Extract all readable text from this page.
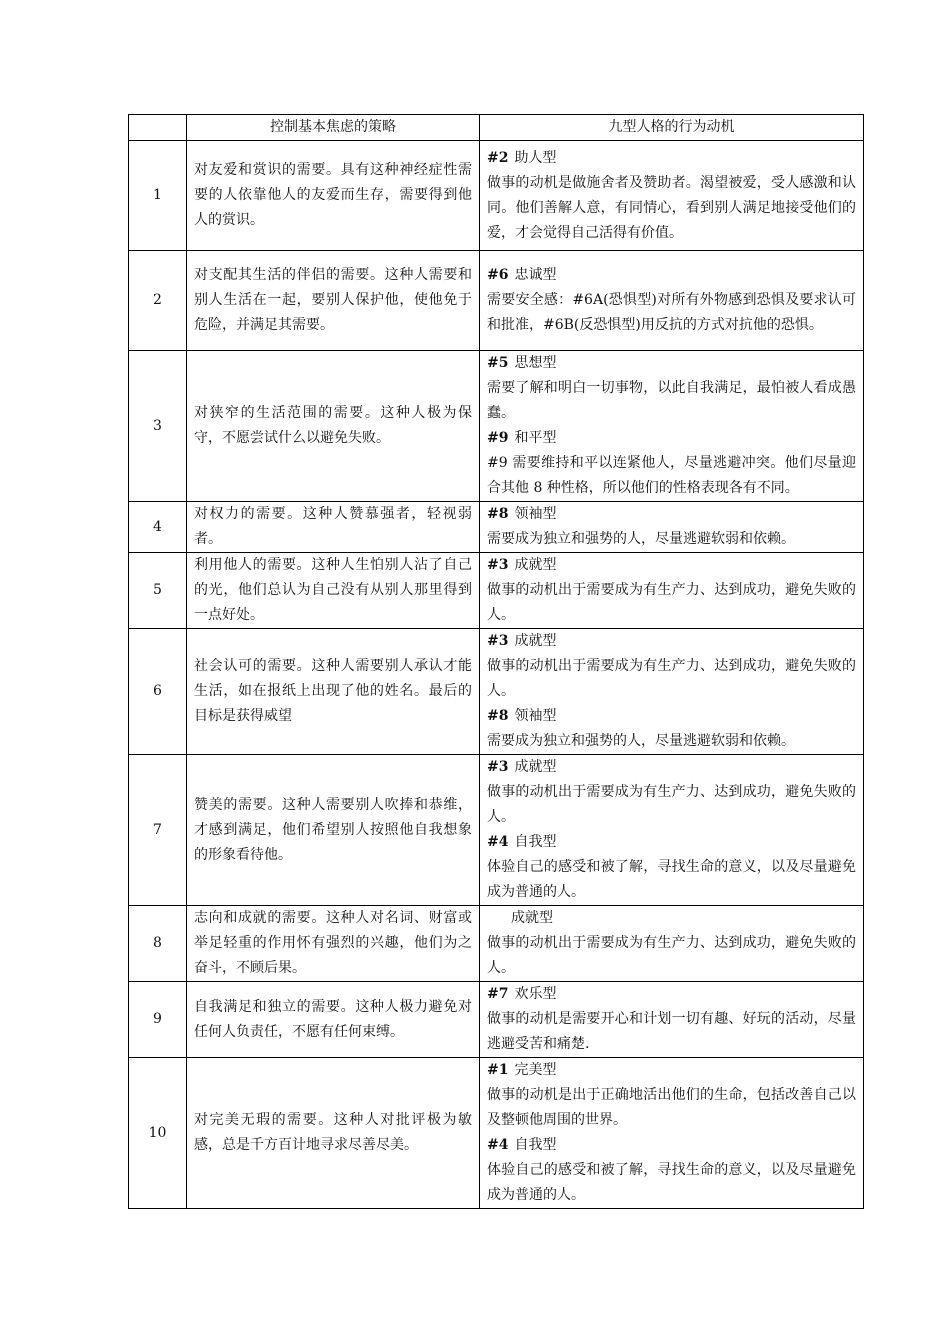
	控制基本焦虑的策略	九型人格的行为动机
1	对友爱和赏识的需要。具有这种神经症性需要的人依靠他人的友爱而生存，需要得到他人的赏识。	#2 助人型
做事的动机是做施舍者及赞助者。渴望被爱，受人感激和认同。他们善解人意，有同情心，看到别人满足地接受他们的爱，才会觉得自己活得有价值。

2	对支配其生活的伴侣的需要。这种人需要和别人生活在一起，要别人保护他，使他免于危险，并满足其需要。	#6 忠诚型
需要安全感：#6A(恐惧型)对所有外物感到恐惧及要求认可和批准，#6B(反恐惧型)用反抗的方式对抗他的恐惧。

3	对狭窄的生活范围的需要。这种人极为保守，不愿尝试什么以避免失败。	#5 思想型
需要了解和明白一切事物，以此自我满足，最怕被人看成愚蠢。
#9 和平型
#9 需要维持和平以连紧他人，尽量逃避冲突。他们尽量迎合其他 8 种性格，所以他们的性格表现各有不同。

4	对权力的需要。这种人赞慕强者，轻视弱者。	#8 领袖型
需要成为独立和强势的人，尽量逃避软弱和依赖。

5	利用他人的需要。这种人生怕别人沾了自己的光，他们总认为自己没有从别人那里得到一点好处。	#3 成就型
做事的动机出于需要成为有生产力、达到成功，避免失败的人。

6	社会认可的需要。这种人需要别人承认才能生活，如在报纸上出现了他的姓名。最后的目标是获得威望	#3 成就型
做事的动机出于需要成为有生产力、达到成功，避免失败的人。
#8 领袖型
需要成为独立和强势的人，尽量逃避软弱和依赖。

7	赞美的需要。这种人需要别人吹捧和恭维，才感到满足，他们希望别人按照他自我想象的形象看待他。	#3 成就型
做事的动机出于需要成为有生产力、达到成功，避免失败的人。
#4 自我型
体验自己的感受和被了解，寻找生命的意义，以及尽量避免成为普通的人。

8	志向和成就的需要。这种人对名词、财富或举足轻重的作用怀有强烈的兴趣，他们为之奋斗，不顾后果。	成就型
做事的动机出于需要成为有生产力、达到成功，避免失败的人。

9	自我满足和独立的需要。这种人极力避免对任何人负责任，不愿有任何束缚。	#7 欢乐型
做事的动机是需要开心和计划一切有趣、好玩的活动，尽量逃避受苦和痛楚.

10	对完美无瑕的需要。这种人对批评极为敏感，总是千方百计地寻求尽善尽美。	#1 完美型
做事的动机是出于正确地活出他们的生命，包括改善自己以及整顿他周围的世界。
#4 自我型
体验自己的感受和被了解，寻找生命的意义，以及尽量避免成为普通的人。
